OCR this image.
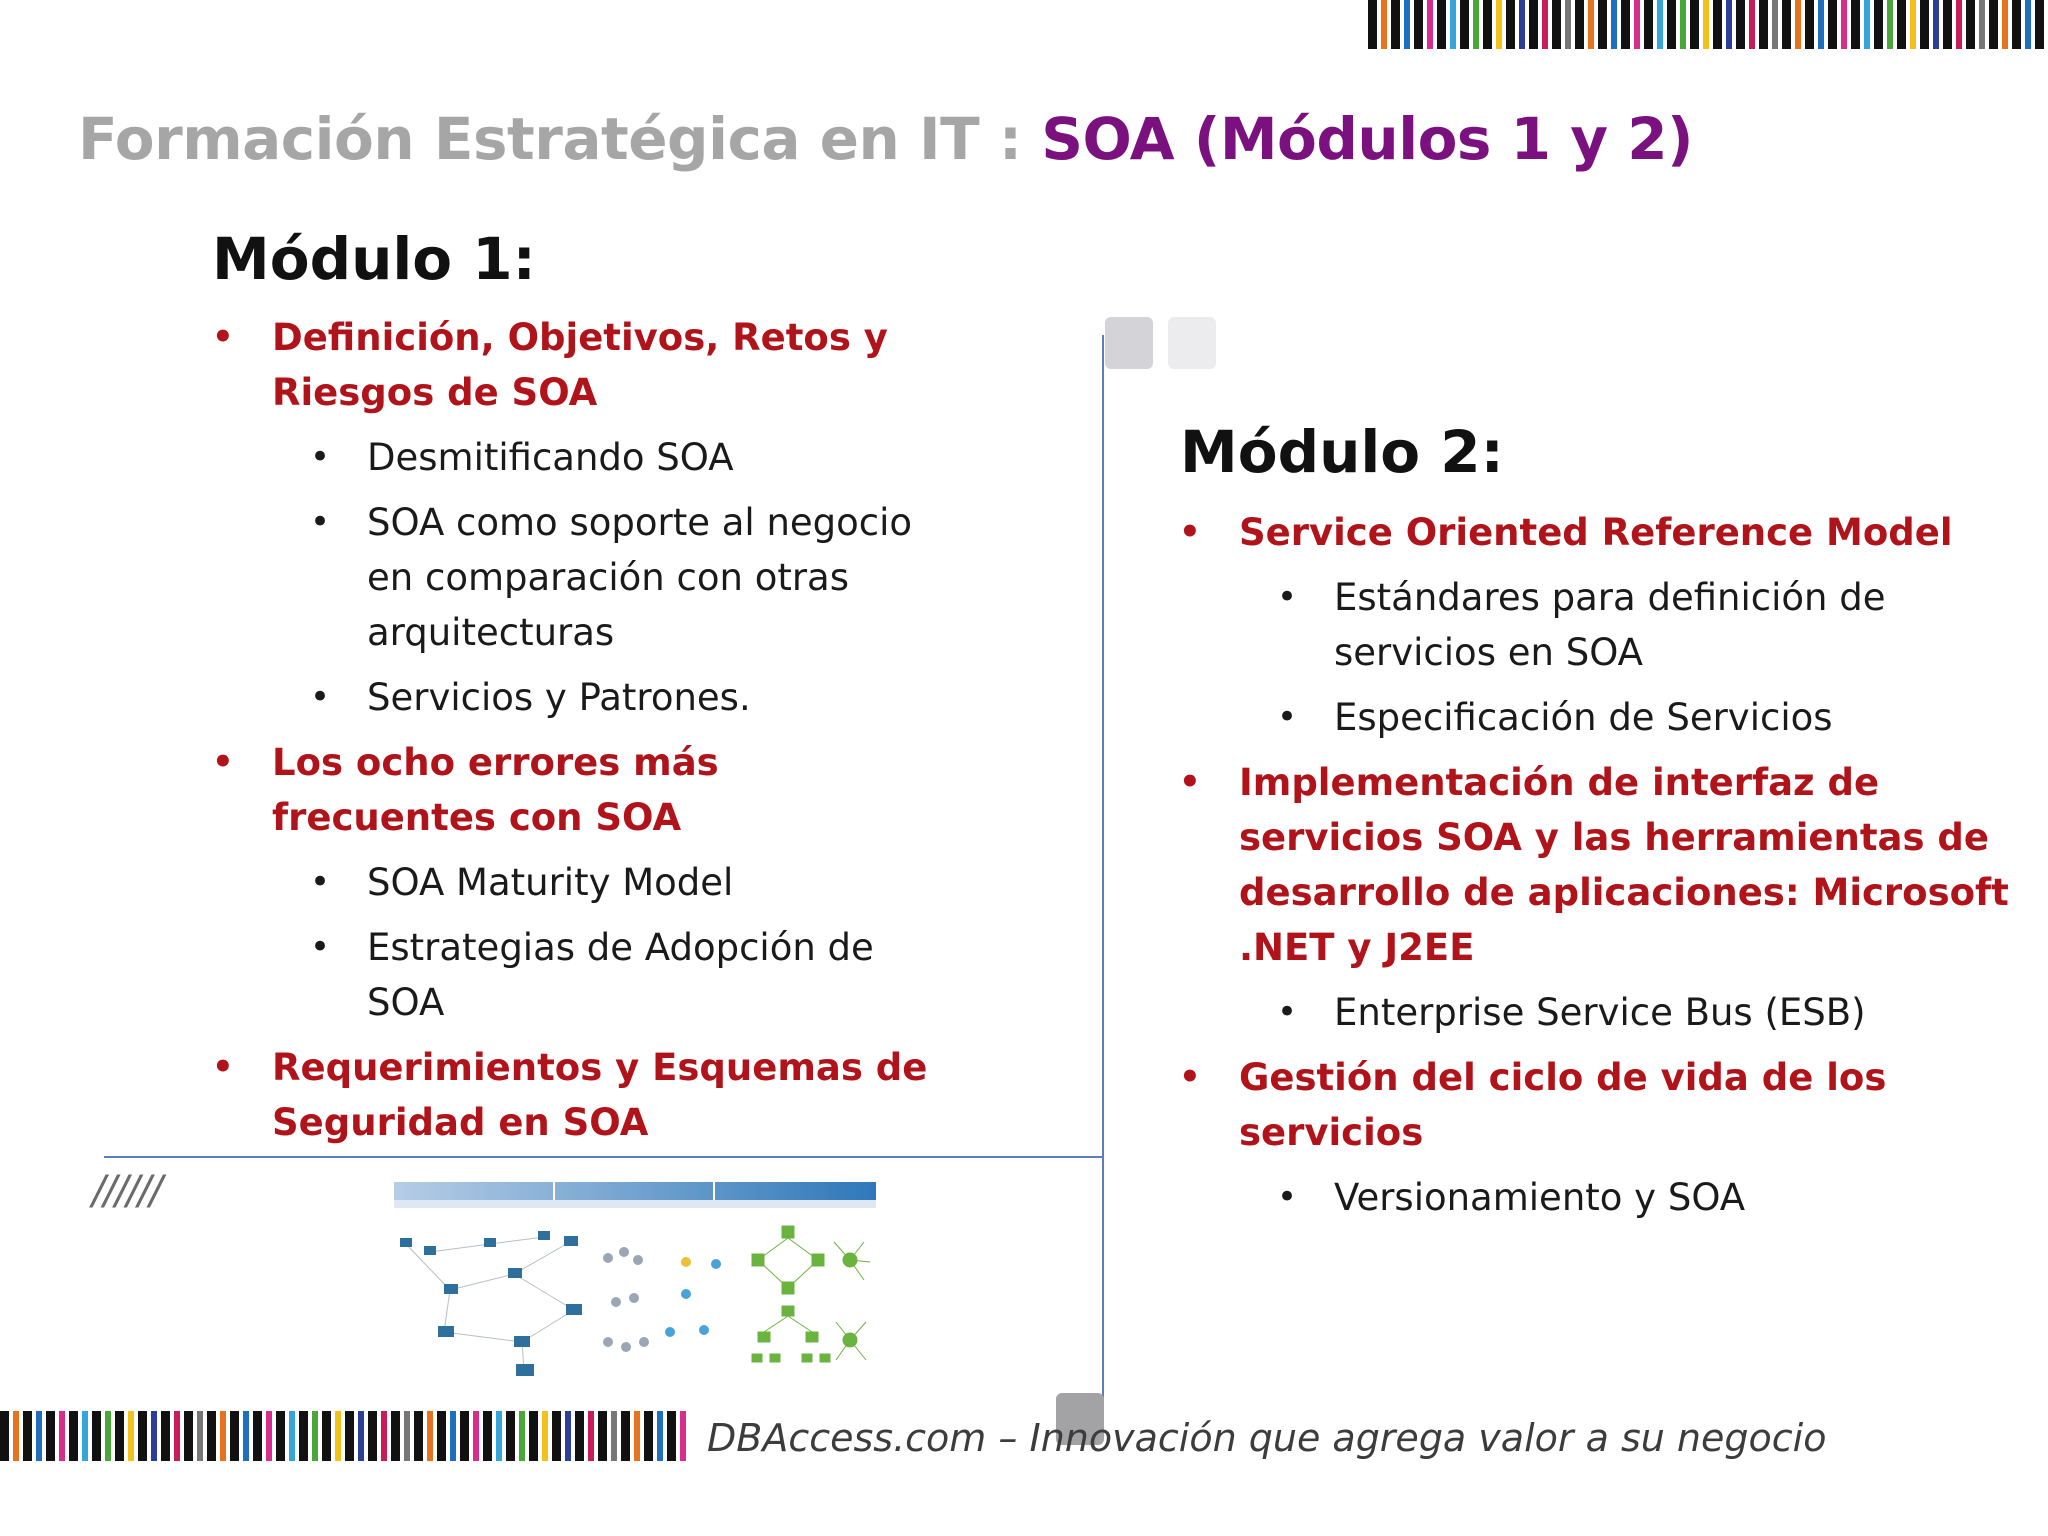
Formación Estratégica en IT : SOA (Módulos 1 y 2)
Módulo 1:
• Definición, Objetivos, Retos y Riesgos de SOA
• Desmitificando SOA
• SOA como soporte al negocio en comparación con otras arquitecturas
• Servicios y Patrones.
• Los ocho errores más frecuentes con SOA
• SOA Maturity Model
• Estrategias de Adopción de SOA
• Requerimientos y Esquemas de Seguridad en SOA
Módulo 2:
• Service Oriented Reference Model
• Estándares para definición de servicios en SOA
• Especificación de Servicios
• Implementación de interfaz de servicios SOA y las herramientas de desarrollo de aplicaciones: Microsoft .NET y J2EE
• Enterprise Service Bus (ESB)
• Gestión del ciclo de vida de los servicios
• Versionamiento y SOA

//////

DBAccess.com – Innovación que agrega valor a su negocio
